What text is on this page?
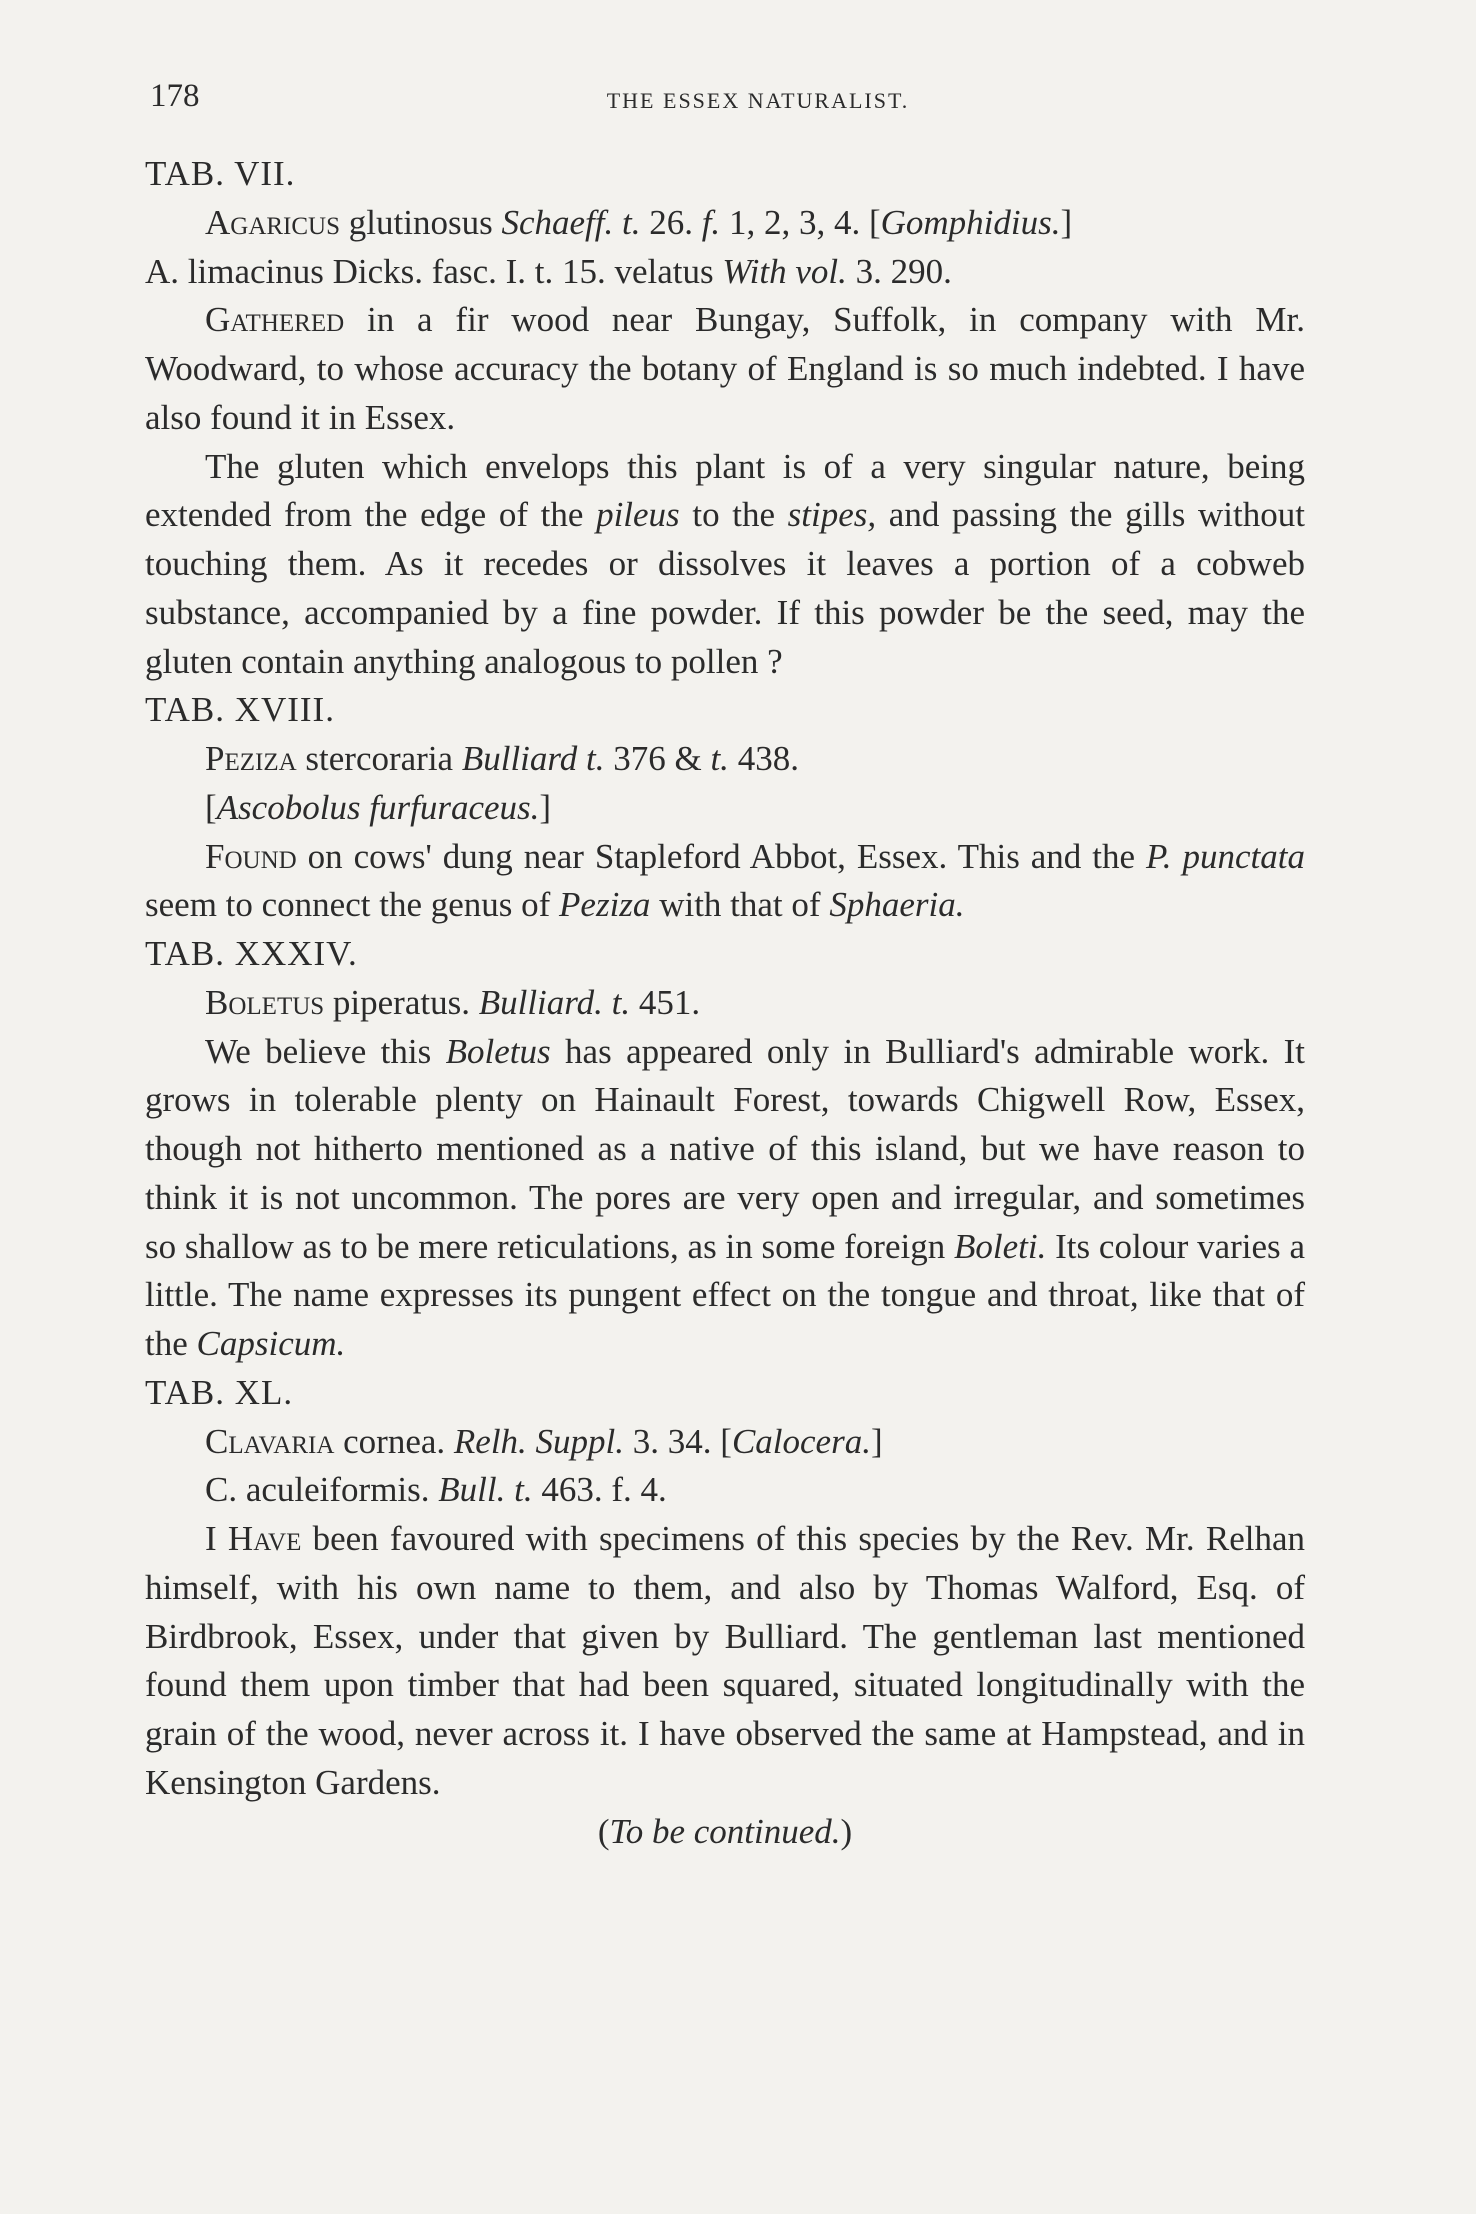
178	THE ESSEX NATURALIST.

TAB. VII.

Agaricus glutinosus Schaeff. t. 26. f. 1, 2, 3, 4. [Gomphidius.]

A. limacinus Dicks. fasc. I. t. 15. velatus With vol. 3. 290.

Gathered in a fir wood near Bungay, Suffolk, in company with Mr. Woodward, to whose accuracy the botany of England is so much indebted. I have also found it in Essex.

The gluten which envelops this plant is of a very singular nature, being extended from the edge of the pileus to the stipes, and passing the gills without touching them. As it recedes or dissolves it leaves a portion of a cobweb substance, accompanied by a fine powder. If this powder be the seed, may the gluten contain anything analogous to pollen ?

TAB. XVIII.

Peziza stercoraria Bulliard t. 376 & t. 438.

[Ascobolus furfuraceus.]

Found on cows' dung near Stapleford Abbot, Essex. This and the P. punctata seem to connect the genus of Peziza with that of Sphaeria.

TAB. XXXIV.

Boletus piperatus. Bulliard. t. 451.

We believe this Boletus has appeared only in Bulliard's admirable work. It grows in tolerable plenty on Hainault Forest, towards Chigwell Row, Essex, though not hitherto mentioned as a native of this island, but we have reason to think it is not uncommon. The pores are very open and irregular, and sometimes so shallow as to be mere reticulations, as in some foreign Boleti. Its colour varies a little. The name expresses its pungent effect on the tongue and throat, like that of the Capsicum.

TAB. XL.

Clavaria cornea. Relh. Suppl. 3. 34. [Calocera.]

C. aculeiformis. Bull. t. 463. f. 4.

I Have been favoured with specimens of this species by the Rev. Mr. Relhan himself, with his own name to them, and also by Thomas Walford, Esq. of Birdbrook, Essex, under that given by Bulliard. The gentleman last mentioned found them upon timber that had been squared, situated longitudinally with the grain of the wood, never across it. I have observed the same at Hampstead, and in Kensington Gardens.

(To be continued.)
